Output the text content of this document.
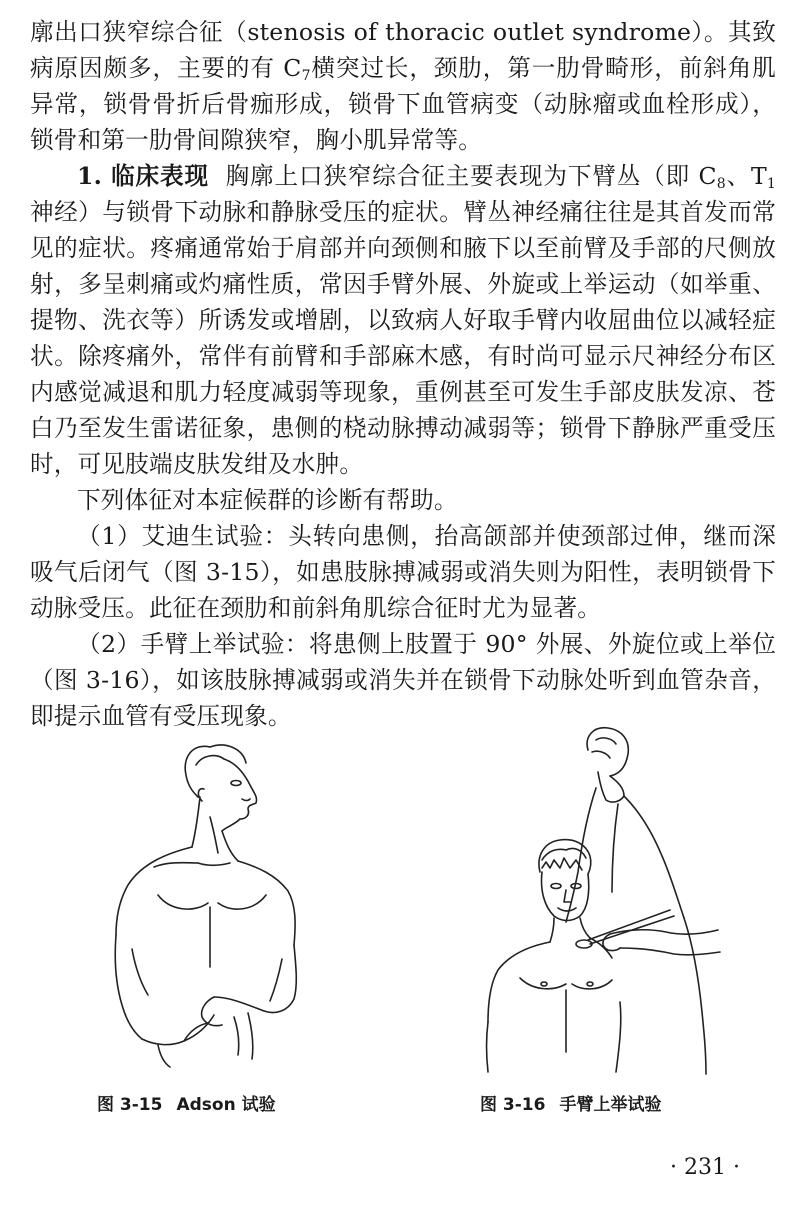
廓出口狭窄综合征（stenosis of thoracic outlet syndrome）。其致病原因颇多，主要的有 $C_7$横突过长，颈肋，第一肋骨畸形，前斜角肌异常，锁骨骨折后骨痂形成，锁骨下血管病变（动脉瘤或血栓形成），锁骨和第一肋骨间隙狭窄，胸小肌异常等。

1. 临床表现 胸廓上口狭窄综合征主要表现为下臂丛（即 $C_8$、$T_1$神经）与锁骨下动脉和静脉受压的症状。臂丛神经痛往往是其首发而常见的症状。疼痛通常始于肩部并向颈侧和腋下以至前臂及手部的尺侧放射，多呈刺痛或灼痛性质，常因手臂外展、外旋或上举运动（如举重、提物、洗衣等）所诱发或增剧，以致病人好取手臂内收屈曲位以减轻症状。除疼痛外，常伴有前臂和手部麻木感，有时尚可显示尺神经分布区内感觉减退和肌力轻度减弱等现象，重例甚至可发生手部皮肤发凉、苍白乃至发生雷诺征象，患侧的桡动脉搏动减弱等；锁骨下静脉严重受压时，可见肢端皮肤发绀及水肿。

下列体征对本症候群的诊断有帮助。

（1）艾迪生试验：头转向患侧，抬高颌部并使颈部过伸，继而深吸气后闭气（图 3-15），如患肢脉搏减弱或消失则为阳性，表明锁骨下动脉受压。此征在颈肋和前斜角肌综合征时尤为显著。

（2）手臂上举试验：将患侧上肢置于 90° 外展、外旋位或上举位（图 3-16），如该肢脉搏减弱或消失并在锁骨下动脉处听到血管杂音，即提示血管有受压现象。

图 3-15 Adson 试验	图 3-16 手臂上举试验
· 231 ·
